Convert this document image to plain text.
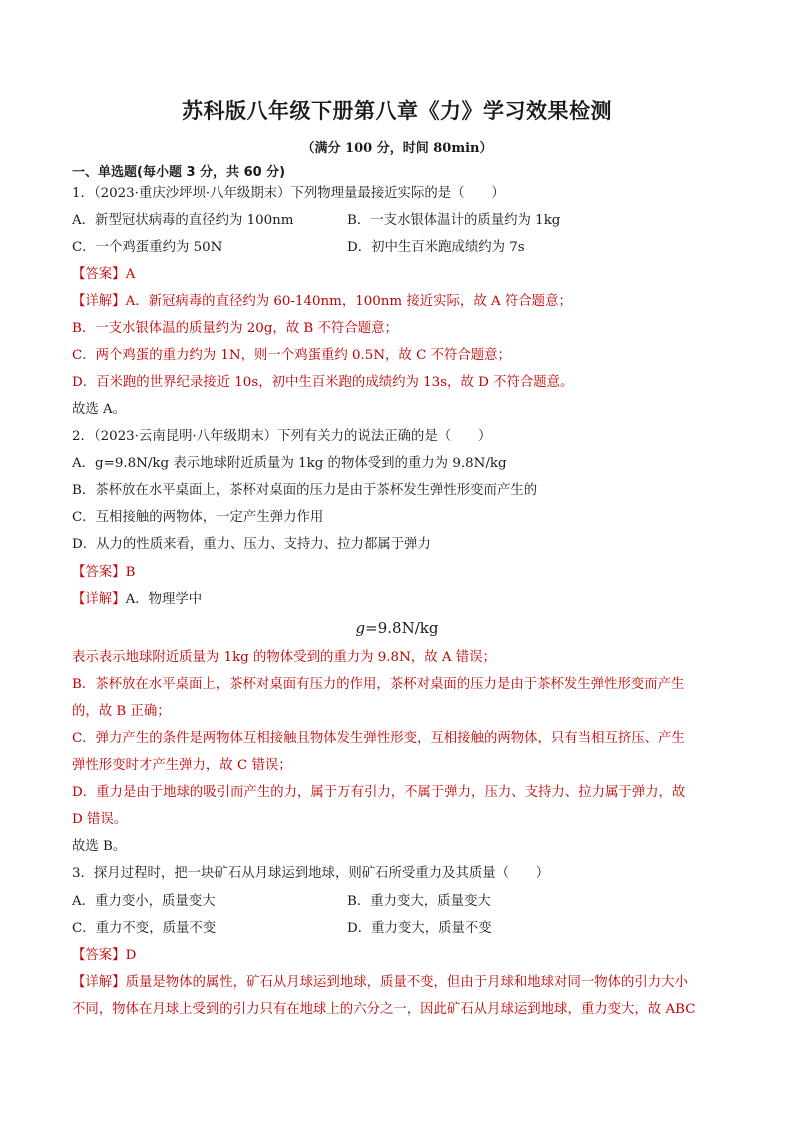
苏科版八年级下册第八章《力》学习效果检测
（满分 100 分，时间 80min）
一、单选题(每小题 3 分，共 60 分)
1．（2023·重庆沙坪坝·八年级期末）下列物理量最接近实际的是（　　）
A．新型冠状病毒的直径约为 100nm	B．一支水银体温计的质量约为 1kg
C．一个鸡蛋重约为 50N	D．初中生百米跑成绩约为 7s
【答案】A
【详解】A．新冠病毒的直径约为 60-140nm，100nm 接近实际，故 A 符合题意；
B．一支水银体温的质量约为 20g，故 B 不符合题意；
C．两个鸡蛋的重力约为 1N，则一个鸡蛋重约 0.5N，故 C 不符合题意；
D．百米跑的世界纪录接近 10s，初中生百米跑的成绩约为 13s，故 D 不符合题意。
故选 A。
2．（2023·云南昆明·八年级期末）下列有关力的说法正确的是（　　）
A．g=9.8N/kg 表示地球附近质量为 1kg 的物体受到的重力为 9.8N/kg
B．茶杯放在水平桌面上，茶杯对桌面的压力是由于茶杯发生弹性形变而产生的
C．互相接触的两物体，一定产生弹力作用
D．从力的性质来看，重力、压力、支持力、拉力都属于弹力
【答案】B
【详解】A．物理学中
g=9.8N/kg
表示表示地球附近质量为 1kg 的物体受到的重力为 9.8N，故 A 错误；
B．茶杯放在水平桌面上，茶杯对桌面有压力的作用，茶杯对桌面的压力是由于茶杯发生弹性形变而产生
的，故 B 正确；
C．弹力产生的条件是两物体互相接触且物体发生弹性形变，互相接触的两物体，只有当相互挤压、产生
弹性形变时才产生弹力，故 C 错误；
D．重力是由于地球的吸引而产生的力，属于万有引力，不属于弹力，压力、支持力、拉力属于弹力，故
D 错误。
故选 B。
3．探月过程时，把一块矿石从月球运到地球，则矿石所受重力及其质量（　　）
A．重力变小，质量变大	B．重力变大，质量变大
C．重力不变，质量不变	D．重力变大，质量不变
【答案】D
【详解】质量是物体的属性，矿石从月球运到地球，质量不变，但由于月球和地球对同一物体的引力大小
不同，物体在月球上受到的引力只有在地球上的六分之一，因此矿石从月球运到地球，重力变大，故 ABC
